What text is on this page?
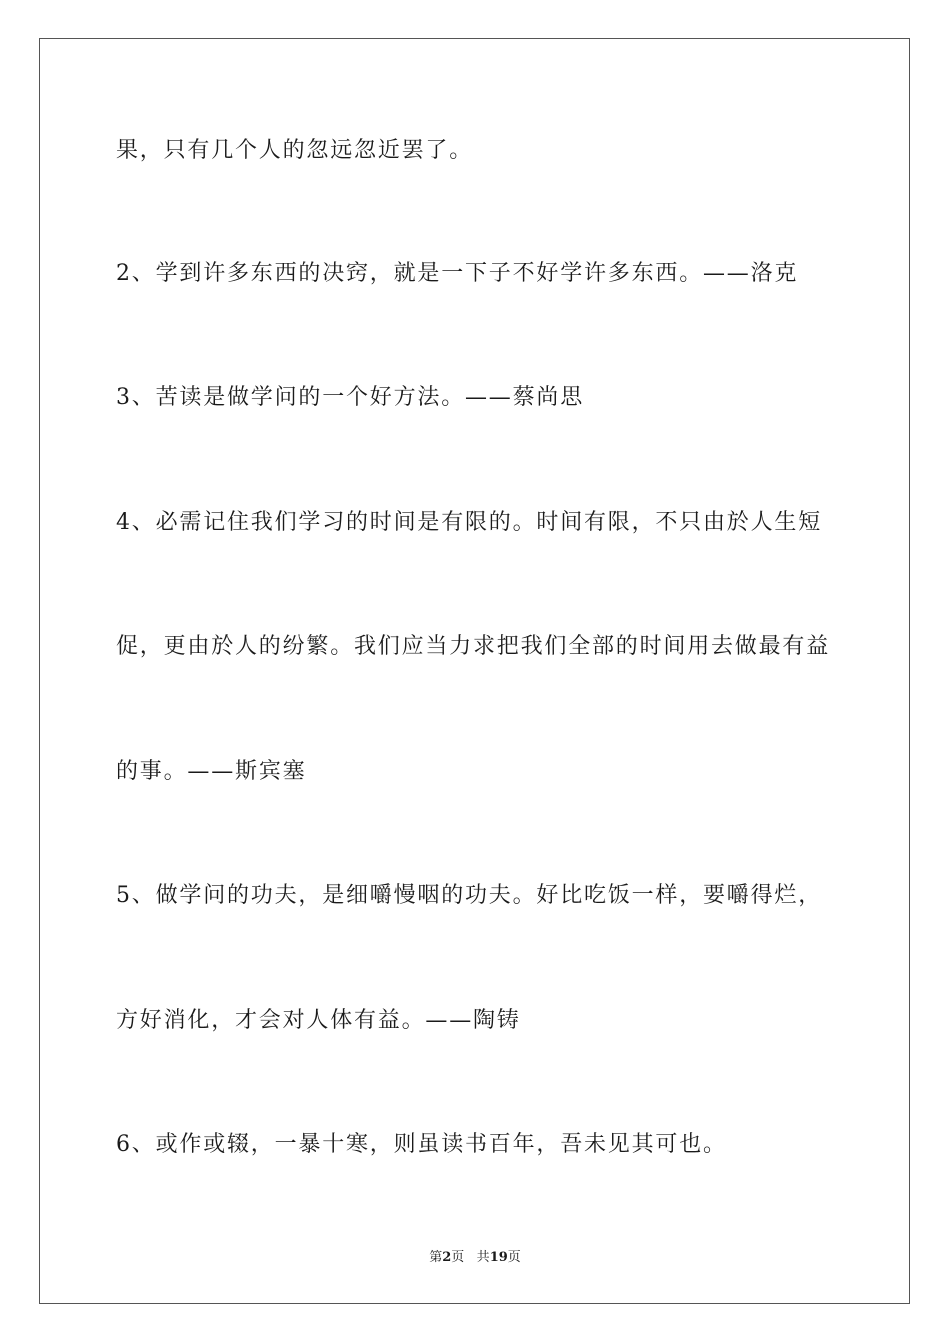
果，只有几个人的忽远忽近罢了。
2、学到许多东西的决窍，就是一下子不好学许多东西。——洛克
3、苦读是做学问的一个好方法。——蔡尚思
4、必需记住我们学习的时间是有限的。时间有限，不只由於人生短
促，更由於人的纷繁。我们应当力求把我们全部的时间用去做最有益
的事。——斯宾塞
5、做学问的功夫，是细嚼慢咽的功夫。好比吃饭一样，要嚼得烂，
方好消化，才会对人体有益。——陶铸
6、或作或辍，一暴十寒，则虽读书百年，吾未见其可也。
第2页 共19页
